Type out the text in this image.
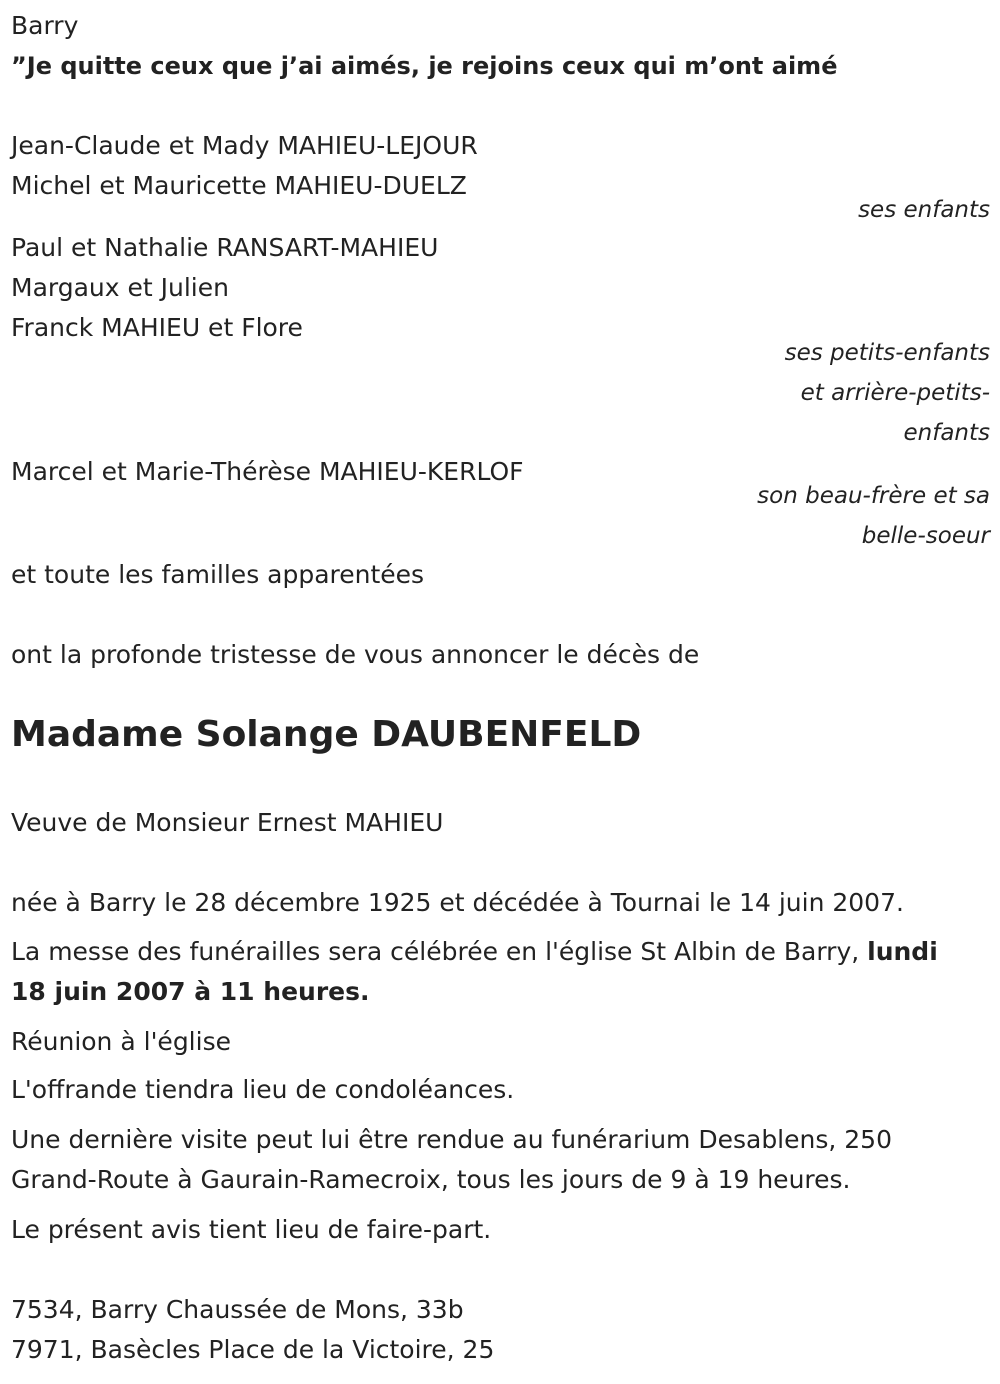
Barry

”Je quitte ceux que j’ai aimés, je rejoins ceux qui m’ont aimé

Jean-Claude et Mady MAHIEU-LEJOUR

Michel et Mauricette MAHIEU-DUELZ

ses enfants

Paul et Nathalie RANSART-MAHIEU

Margaux et Julien

Franck MAHIEU et Flore

ses petits-enfants

et arrière-petits-

enfants

Marcel et Marie-Thérèse MAHIEU-KERLOF

son beau-frère et sa

belle-soeur

et toute les familles apparentées

ont la profonde tristesse de vous annoncer le décès de

Madame Solange DAUBENFELD

Veuve de Monsieur Ernest MAHIEU

née à Barry le 28 décembre 1925 et décédée à Tournai le 14 juin 2007.

La messe des funérailles sera célébrée en l'église St Albin de Barry, lundi

18 juin 2007 à 11 heures.

Réunion à l'église

L'offrande tiendra lieu de condoléances.

Une dernière visite peut lui être rendue au funérarium Desablens, 250

Grand-Route à Gaurain-Ramecroix, tous les jours de 9 à 19 heures.

Le présent avis tient lieu de faire-part.

7534, Barry Chaussée de Mons, 33b

7971, Basècles Place de la Victoire, 25
